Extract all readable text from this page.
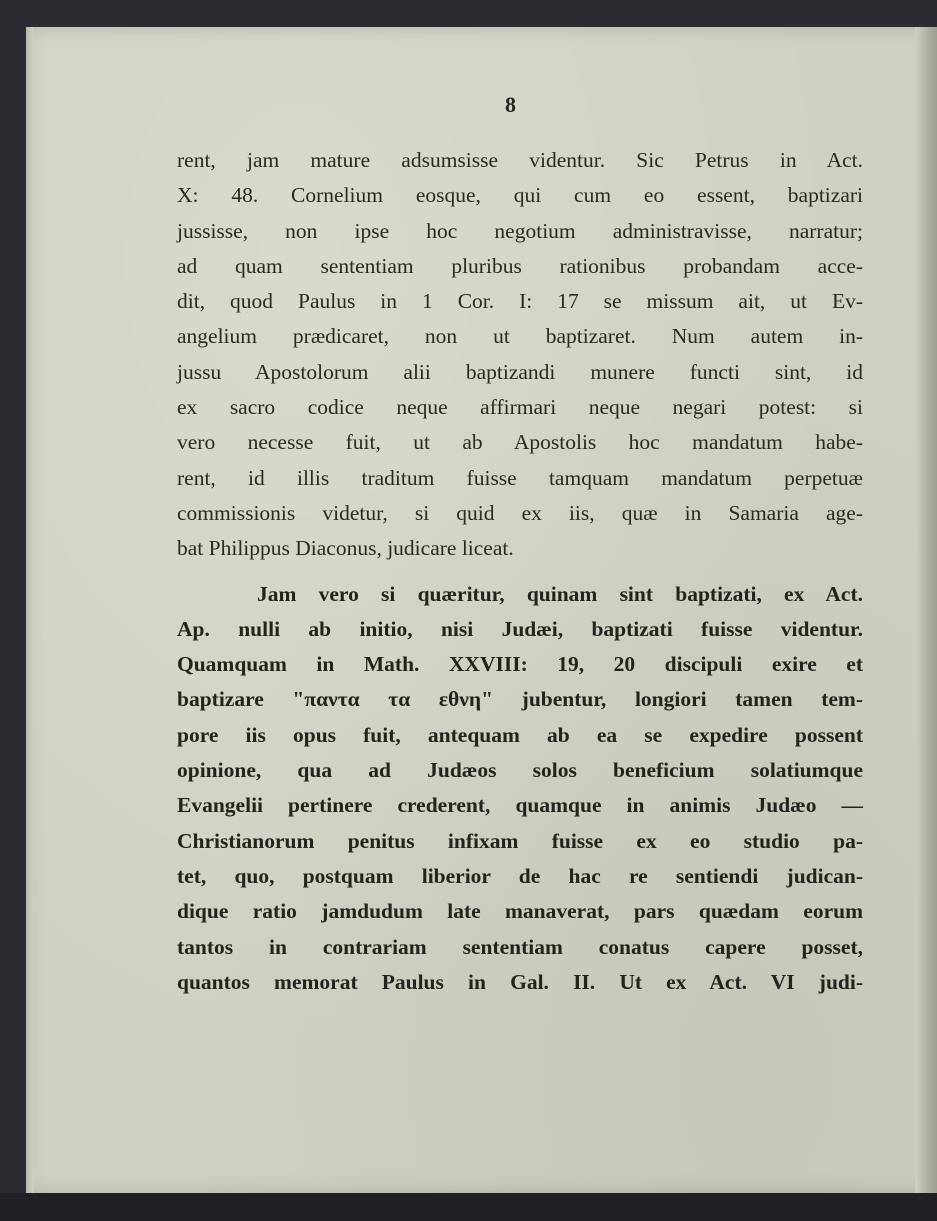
8
rent, jam mature adsumsisse videntur. Sic Petrus in Act.
X: 48. Cornelium eosque, qui cum eo essent, baptizari
jussisse, non ipse hoc negotium administravisse, narratur;
ad quam sententiam pluribus rationibus probandam acce-
dit, quod Paulus in 1 Cor. I: 17 se missum ait, ut Ev-
angelium prædicaret, non ut baptizaret. Num autem in-
jussu Apostolorum alii baptizandi munere functi sint, id
ex sacro codice neque affirmari neque negari potest: si
vero necesse fuit, ut ab Apostolis hoc mandatum habe-
rent, id illis traditum fuisse tamquam mandatum perpetuæ
commissionis videtur, si quid ex iis, quæ in Samaria age-
bat Philippus Diaconus, judicare liceat.
Jam vero si quæritur, quinam sint baptizati, ex Act.
Ap. nulli ab initio, nisi Judæi, baptizati fuisse videntur.
Quamquam in Math. XXVIII: 19, 20 discipuli exire et
baptizare "παντα τα εθνη" jubentur, longiori tamen tem-
pore iis opus fuit, antequam ab ea se expedire possent
opinione, qua ad Judæos solos beneficium solatiumque
Evangelii pertinere crederent, quamque in animis Judæo —
Christianorum penitus infixam fuisse ex eo studio pa-
tet, quo, postquam liberior de hac re sentiendi judican-
dique ratio jamdudum late manaverat, pars quædam eorum
tantos in contrariam sententiam conatus capere posset,
quantos memorat Paulus in Gal. II. Ut ex Act. VI judi-
